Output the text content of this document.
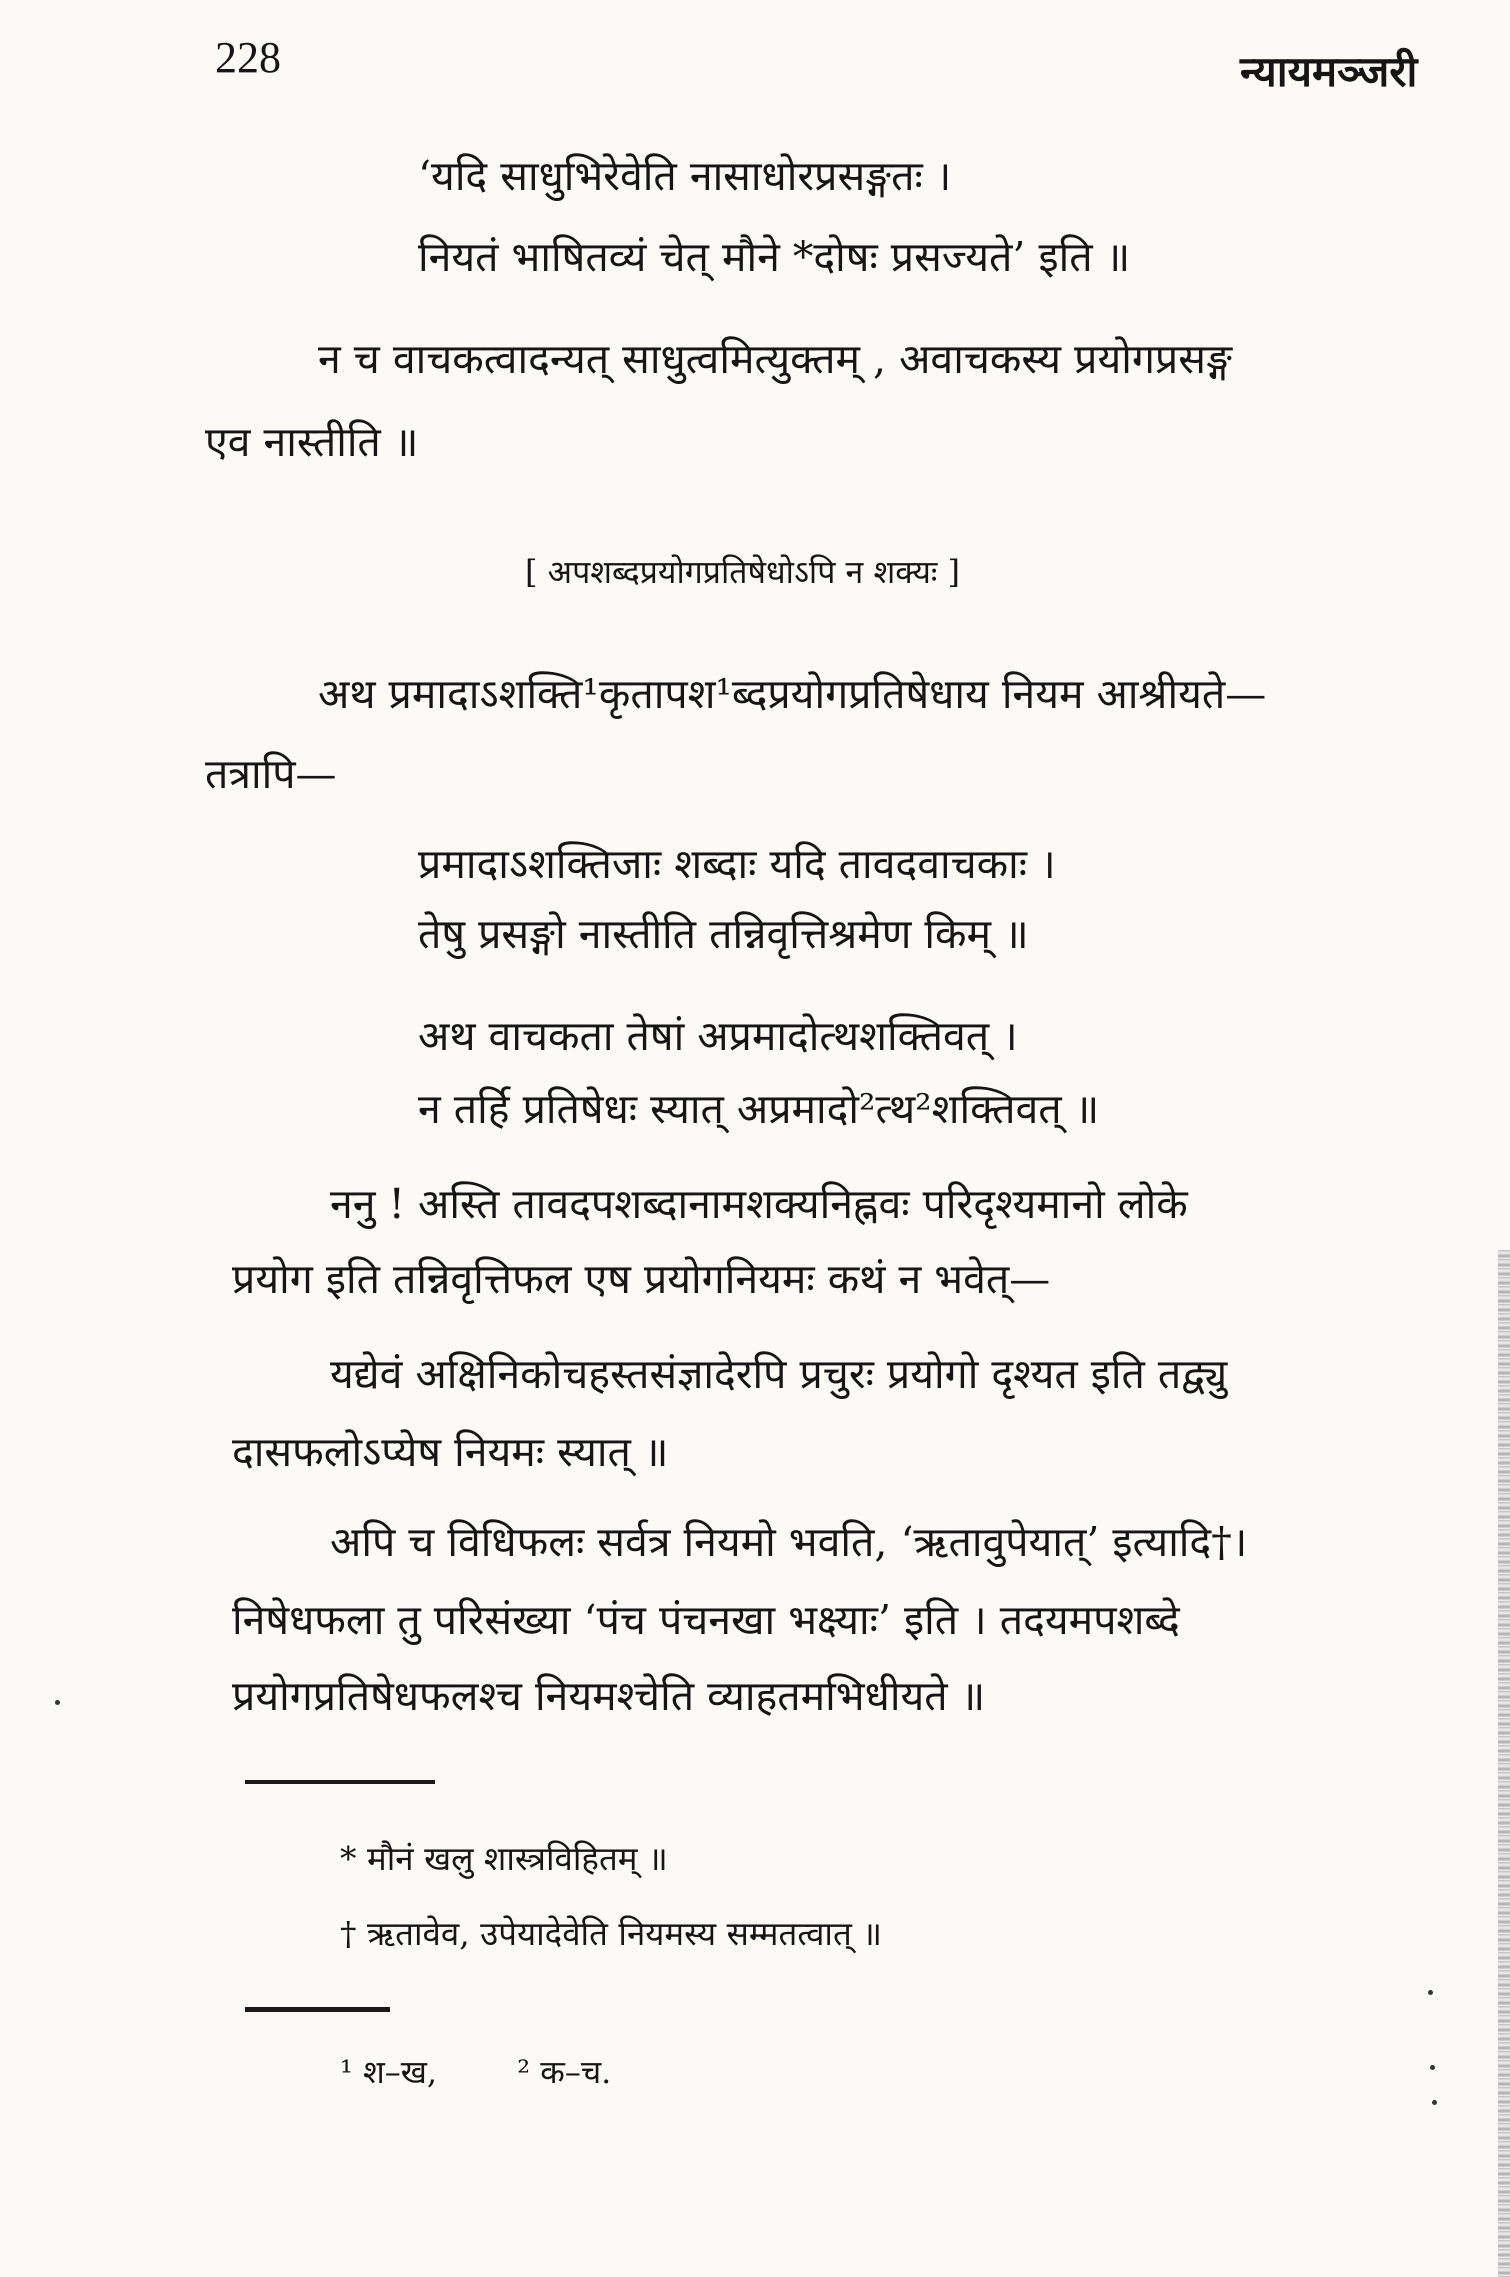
228	न्यायमञ्जरी
‘यदि साधुभिरेवेति नासाधोरप्रसङ्गतः ।
नियतं भाषितव्यं चेत् मौने *दोषः प्रसज्यते’ इति ॥
न च वाचकत्वादन्यत् साधुत्वमित्युक्तम् , अवाचकस्य प्रयोगप्रसङ्ग
एव नास्तीति ॥
[ अपशब्दप्रयोगप्रतिषेधोऽपि न शक्यः ]
अथ प्रमादाऽशक्ति¹कृतापश¹ब्दप्रयोगप्रतिषेधाय नियम आश्रीयते—
तत्रापि—
प्रमादाऽशक्तिजाः शब्दाः यदि तावदवाचकाः ।
तेषु प्रसङ्गो नास्तीति तन्निवृत्तिश्रमेण किम् ॥
अथ वाचकता तेषां अप्रमादोत्थशक्तिवत् ।
न तर्हि प्रतिषेधः स्यात् अप्रमादो²त्थ²शक्तिवत् ॥
ननु ! अस्ति तावदपशब्दानामशक्यनिह्नवः परिदृश्यमानो लोके
प्रयोग इति तन्निवृत्तिफल एष प्रयोगनियमः कथं न भवेत्—
यद्येवं अक्षिनिकोचहस्तसंज्ञादेरपि प्रचुरः प्रयोगो दृश्यत इति तद्व्यु
दासफलोऽप्येष नियमः स्यात् ॥
अपि च विधिफलः सर्वत्र नियमो भवति, ‘ऋतावुपेयात्’ इत्यादि†।
निषेधफला तु परिसंख्या ‘पंच पंचनखा भक्ष्याः’ इति । तदयमपशब्दे
प्रयोगप्रतिषेधफलश्च नियमश्चेति व्याहतमभिधीयते ॥
* मौनं खलु शास्त्रविहितम् ॥
† ऋतावेव, उपेयादेवेति नियमस्य सम्मतत्वात् ॥
¹ श–ख,	² क–च.
